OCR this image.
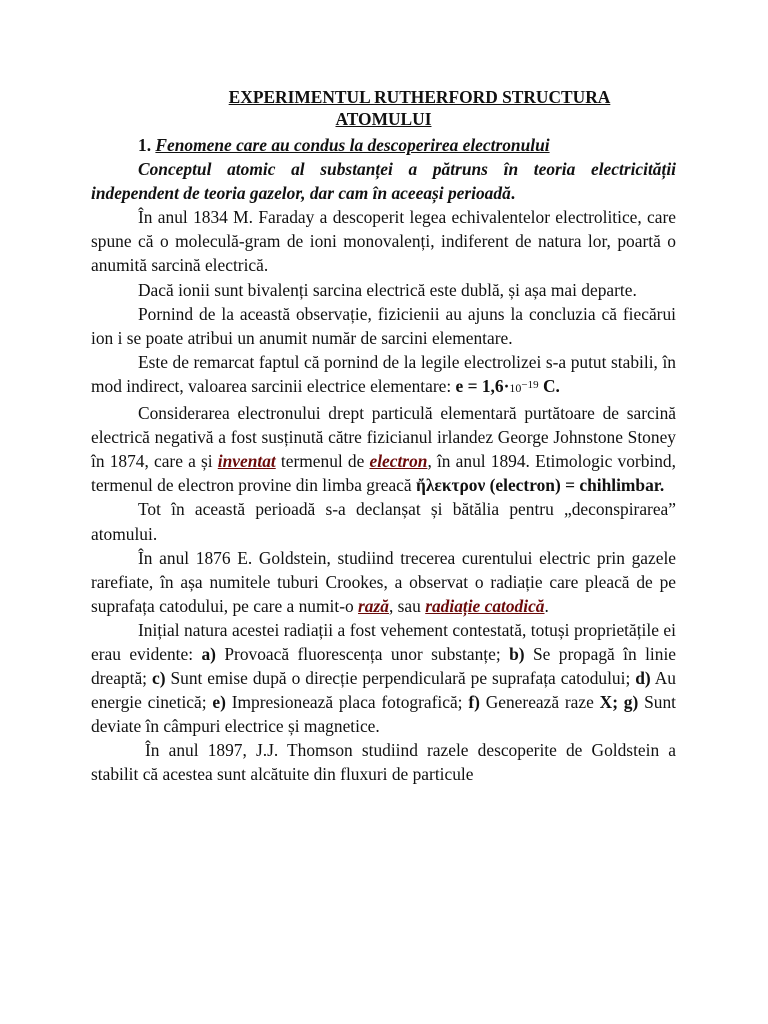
EXPERIMENTUL RUTHERFORD STRUCTURA
ATOMULUI

1. Fenomene care au condus la descoperirea electronului

Conceptul atomic al substanței a pătruns în teoria electricității independent de teoria gazelor, dar cam în aceeași perioadă.

În anul 1834 M. Faraday a descoperit legea echivalentelor electrolitice, care spune că o moleculă-gram de ioni monovalenți, indiferent de natura lor, poartă o anumită sarcină electrică.

Dacă ionii sunt bivalenți sarcina electrică este dublă, și așa mai departe.

Pornind de la această observație, fizicienii au ajuns la concluzia că fiecărui ion i se poate atribui un anumit număr de sarcini elementare.

Este de remarcat faptul că pornind de la legile electrolizei s-a putut stabili, în mod indirect, valoarea sarcinii electrice elementare: $e = 1,6\cdot 10^{-19}$ C.

Considerarea electronului drept particulă elementară purtătoare de sarcină electrică negativă a fost susținută către fizicianul irlandez George Johnstone Stoney în 1874, care a și inventat termenul de electron, în anul 1894. Etimologic vorbind, termenul de electron provine din limba greacă ἤλεκτρον (electron) = chihlimbar.

Tot în această perioadă s-a declanșat și bătălia pentru „deconspirarea” atomului.

În anul 1876 E. Goldstein, studiind trecerea curentului electric prin gazele rarefiate, în așa numitele tuburi Crookes, a observat o radiație care pleacă de pe suprafața catodului, pe care a numit-o rază, sau radiație catodică.

Inițial natura acestei radiații a fost vehement contestată, totuși proprietățile ei erau evidente: a) Provoacă fluorescența unor substanțe; b) Se propagă în linie dreaptă; c) Sunt emise după o direcție perpendiculară pe suprafața catodului; d) Au energie cinetică; e) Impresionează placa fotografică; f) Generează raze X; g) Sunt deviate în câmpuri electrice și magnetice.

În anul 1897, J.J. Thomson studiind razele descoperite de Goldstein a stabilit că acestea sunt alcătuite din fluxuri de particule
